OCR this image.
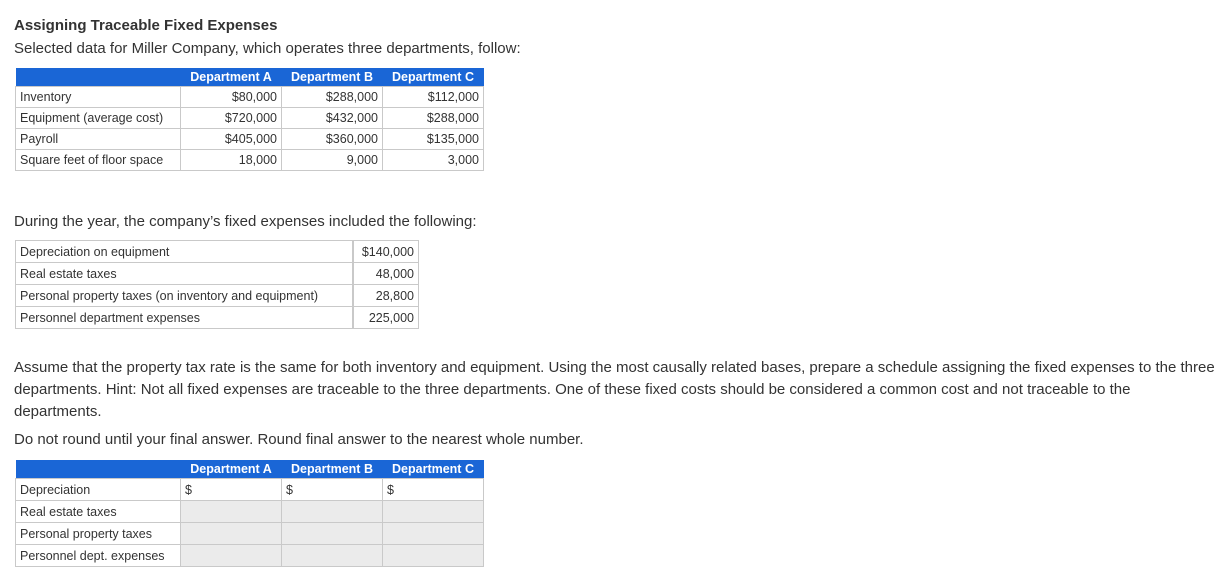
Assigning Traceable Fixed Expenses
Selected data for Miller Company, which operates three departments, follow:
	Department A	Department B	Department C
Inventory	$80,000	$288,000	$112,000
Equipment (average cost)	$720,000	$432,000	$288,000
Payroll	$405,000	$360,000	$135,000
Square feet of floor space	18,000	9,000	3,000
During the year, the company’s fixed expenses included the following:
Depreciation on equipment	$140,000
Real estate taxes	48,000
Personal property taxes (on inventory and equipment)	28,800
Personnel department expenses	225,000

Assume that the property tax rate is the same for both inventory and equipment. Using the most causally related bases, prepare a schedule assigning the fixed expenses to the three departments. Hint: Not all fixed expenses are traceable to the three departments. One of these fixed costs should be considered a common cost and not traceable to the departments.

Do not round until your final answer. Round final answer to the nearest whole number.

	Department A	Department B	Department C
Depreciation	$	$	$
Real estate taxes			
Personal property taxes			
Personnel dept. expenses			
